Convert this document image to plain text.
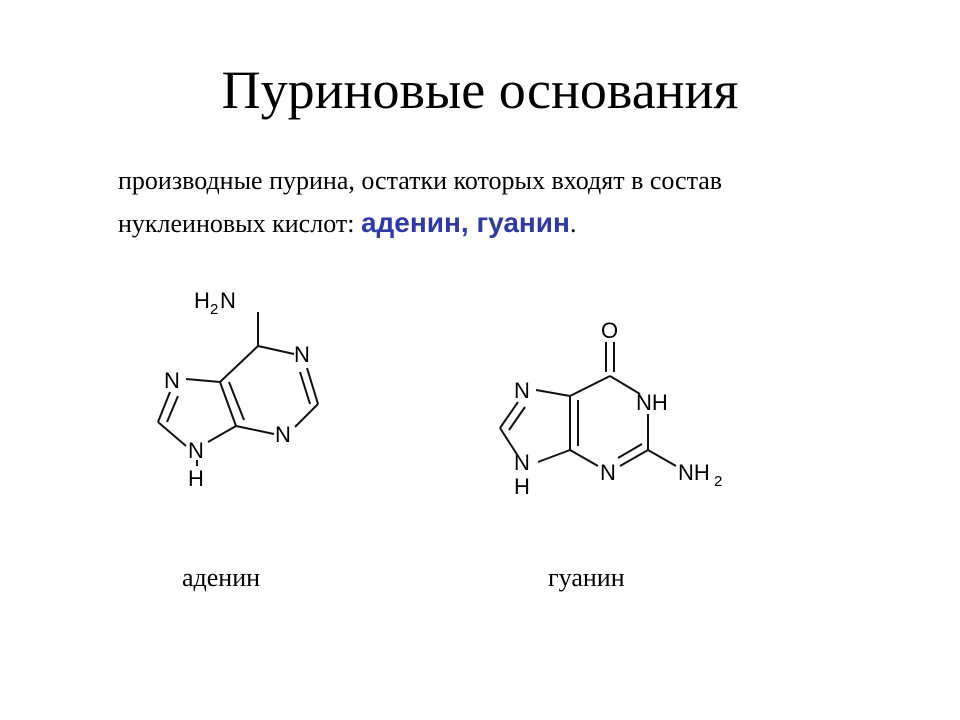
Пуриновые основания
производные пурина, остатки которых входят в состав
нуклеиновых кислот: аденин, гуанин.
H 2 N
N
N
N
N
H
O
NH
N
N
N
H
NH 2
аденин	гуанин
